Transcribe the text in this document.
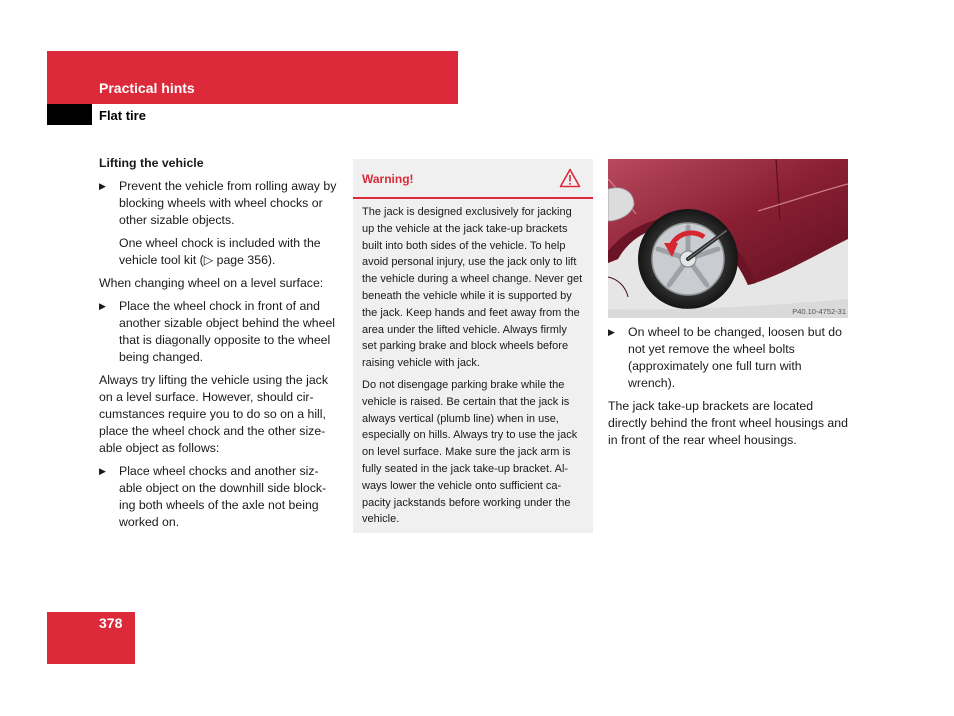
Practical hints
Flat tire
Lifting the vehicle
▶ Prevent the vehicle from rolling away by blocking wheels with wheel chocks or other sizable objects.

One wheel chock is included with the vehicle tool kit (▷ page 356).

When changing wheel on a level surface:

▶ Place the wheel chock in front of and another sizable object behind the wheel that is diagonally opposite to the wheel being changed.

Always try lifting the vehicle using the jack on a level surface. However, should cir- cumstances require you to do so on a hill, place the wheel chock and the other size- able object as follows:

▶ Place wheel chocks and another siz- able object on the downhill side block- ing both wheels of the axle not being worked on.
Warning!

The jack is designed exclusively for jacking up the vehicle at the jack take-up brackets built into both sides of the vehicle. To help avoid personal injury, use the jack only to lift the vehicle during a wheel change. Never get beneath the vehicle while it is supported by the jack. Keep hands and feet away from the area under the lifted vehicle. Always firmly set parking brake and block wheels before raising vehicle with jack.

Do not disengage parking brake while the vehicle is raised. Be certain that the jack is always vertical (plumb line) when in use, especially on hills. Always try to use the jack on level surface. Make sure the jack arm is fully seated in the jack take-up bracket. Al- ways lower the vehicle onto sufficient ca- pacity jackstands before working under the vehicle.

P40.10-4752-31
▶ On wheel to be changed, loosen but do not yet remove the wheel bolts (approximately one full turn with wrench).

The jack take-up brackets are located directly behind the front wheel housings and in front of the rear wheel housings.

378
